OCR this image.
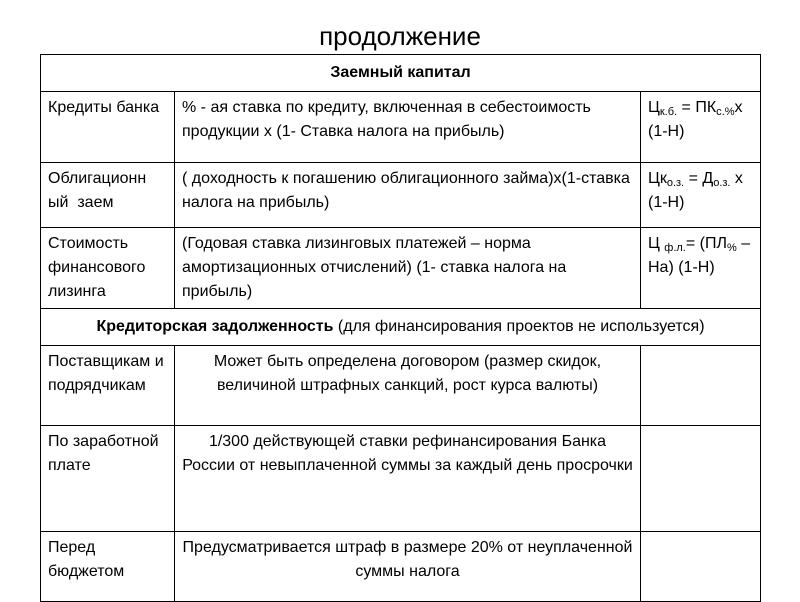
продолжение
Заемный капитал		
Кредиты банка	% - ая ставка по кредиту, включенная в себестоимость продукции х (1- Ставка налога на прибыль)	$Ц_{к.б.} = ПК_{с.\%}х$ (1-Н)
Облигационн
ый  заем	( доходность к погашению облигационного займа)х(1-ставка налога на прибыль)	$Цк_{о.з.} = Д_{о.з.}$ х (1-Н)
Стоимость финансового лизинга	(Годовая ставка лизинговых платежей – норма амортизационных отчислений) (1- ставка налога на прибыль)	Ц $_{ф.л.}= (ПЛ_{\%} - На)$ (1-Н)
Кредиторская задолженность (для финансирования проектов не используется)		
Поставщикам и подрядчикам	Может быть определена договором (размер скидок, величиной штрафных санкций, рост курса валюты)	
По заработной плате	1/300 действующей ставки рефинансирования Банка России от невыплаченной суммы за каждый день просрочки	
Перед бюджетом	Предусматривается штраф в размере 20% от неуплаченной суммы налога	
